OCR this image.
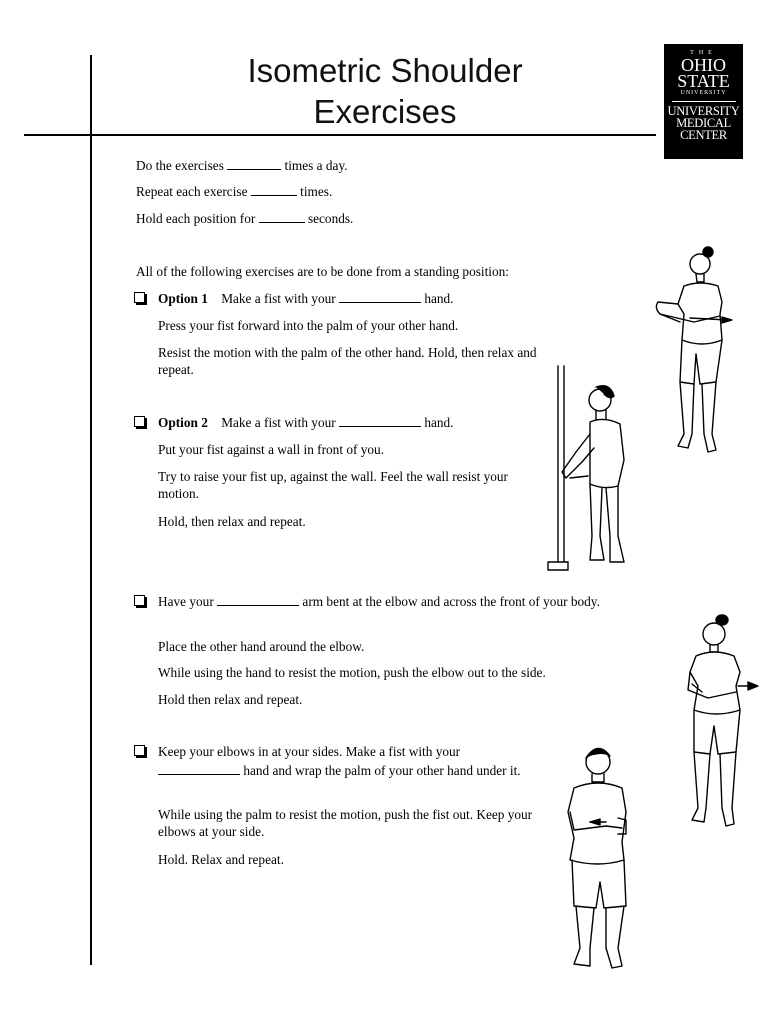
Isometric Shoulder
Exercises
THE
OHIO
STATE
UNIVERSITY
UNIVERSITY
MEDICAL
CENTER
Do the exercises	times a day.
Repeat each exercise	times.
Hold each position for	seconds.
All of the following exercises are to be done from a standing position:
Option 1 Make a fist with your	hand.
Press your fist forward into the palm of your other hand.
Resist the motion with the palm of the other hand. Hold, then relax and repeat.
Option 2 Make a fist with your	hand.
Put your fist against a wall in front of you.
Try to raise your fist up, against the wall. Feel the wall resist your motion.
Hold, then relax and repeat.
Have your	arm bent at the elbow and across the front of your body.
Place the other hand around the elbow.
While using the hand to resist the motion, push the elbow out to the side.
Hold then relax and repeat.
Keep your elbows in at your sides. Make a fist with your
hand and wrap the palm of your other hand under it.
While using the palm to resist the motion, push the fist out. Keep your elbows at your side.
Hold. Relax and repeat.
